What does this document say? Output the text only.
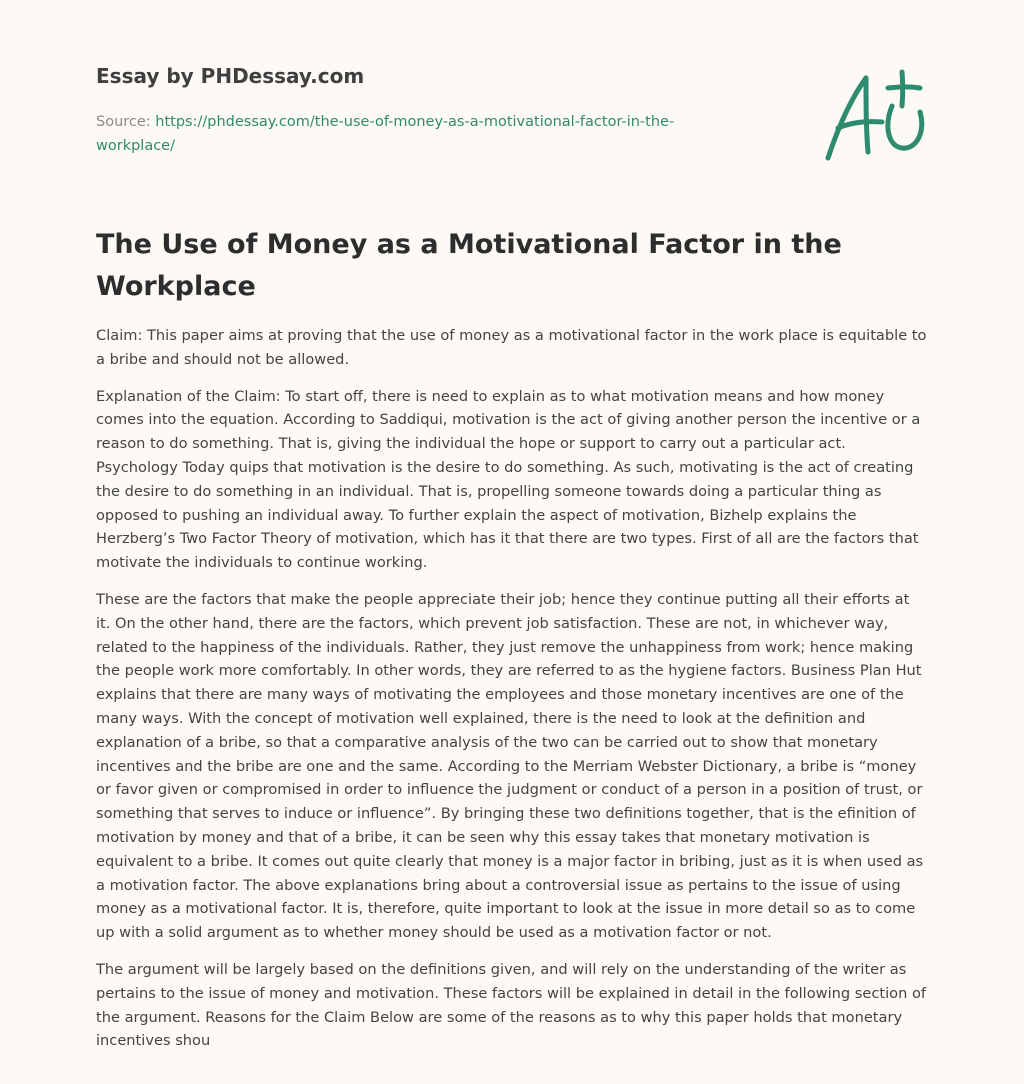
Essay by PHDessay.com
Source: https://phdessay.com/the-use-of-money-as-a-motivational-factor-in-the-workplace/
The Use of Money as a Motivational Factor in the Workplace

Claim: This paper aims at proving that the use of money as a motivational factor in the work place is equitable to a bribe and should not be allowed.

Explanation of the Claim: To start off, there is need to explain as to what motivation means and how money comes into the equation. According to Saddiqui, motivation is the act of giving another person the incentive or a reason to do something. That is, giving the individual the hope or support to carry out a particular act. Psychology Today quips that motivation is the desire to do something. As such, motivating is the act of creating the desire to do something in an individual. That is, propelling someone towards doing a particular thing as opposed to pushing an individual away. To further explain the aspect of motivation, Bizhelp explains the Herzberg’s Two Factor Theory of motivation, which has it that there are two types. First of all are the factors that motivate the individuals to continue working.

These are the factors that make the people appreciate their job; hence they continue putting all their efforts at it. On the other hand, there are the factors, which prevent job satisfaction. These are not, in whichever way, related to the happiness of the individuals. Rather, they just remove the unhappiness from work; hence making the people work more comfortably. In other words, they are referred to as the hygiene factors. Business Plan Hut explains that there are many ways of motivating the employees and those monetary incentives are one of the many ways. With the concept of motivation well explained, there is the need to look at the definition and explanation of a bribe, so that a comparative analysis of the two can be carried out to show that monetary incentives and the bribe are one and the same. According to the Merriam Webster Dictionary, a bribe is “money or favor given or compromised in order to influence the judgment or conduct of a person in a position of trust, or something that serves to induce or influence”. By bringing these two definitions together, that is the efinition of motivation by money and that of a bribe, it can be seen why this essay takes that monetary motivation is equivalent to a bribe. It comes out quite clearly that money is a major factor in bribing, just as it is when used as a motivation factor. The above explanations bring about a controversial issue as pertains to the issue of using money as a motivational factor. It is, therefore, quite important to look at the issue in more detail so as to come up with a solid argument as to whether money should be used as a motivation factor or not.

The argument will be largely based on the definitions given, and will rely on the understanding of the writer as pertains to the issue of money and motivation. These factors will be explained in detail in the following section of the argument. Reasons for the Claim Below are some of the reasons as to why this paper holds that monetary incentives shou
